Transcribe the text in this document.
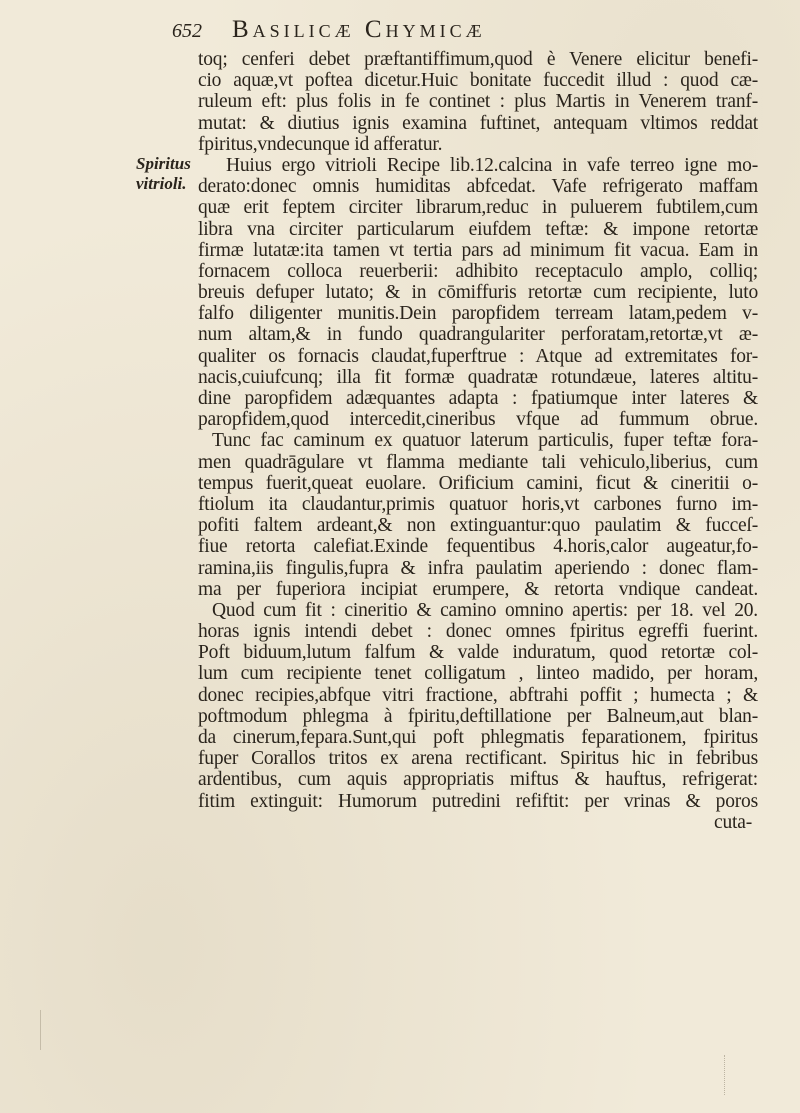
652	Basilicæ Chymicæ
Spiritus
vitrioli.
toq; cenferi debet præftantiffimum,quod è Venere elicitur benefi-
cio aquæ,vt poftea dicetur.Huic bonitate fuccedit illud : quod cæ-
ruleum eft: plus folis in fe continet : plus Martis in Venerem tranf-
mutat: & diutius ignis examina fuftinet, antequam vltimos reddat
fpiritus,vndecunque id afferatur.
Huius ergo vitrioli Recipe lib.12.calcina in vafe terreo igne mo-
derato:donec omnis humiditas abfcedat. Vafe refrigerato maffam
quæ erit feptem circiter librarum,reduc in puluerem fubtilem,cum
libra vna circiter particularum eiufdem teftæ: & impone retortæ
firmæ lutatæ:ita tamen vt tertia pars ad minimum fit vacua. Eam in
fornacem colloca reuerberii: adhibito receptaculo amplo, colliq;
breuis defuper lutato; & in cōmiffuris retortæ cum recipiente, luto
falfo diligenter munitis.Dein paropfidem terream latam,pedem v-
num altam,& in fundo quadrangulariter perforatam,retortæ,vt æ-
qualiter os fornacis claudat,fuperftrue : Atque ad extremitates for-
nacis,cuiufcunq; illa fit formæ quadratæ rotundæue, lateres altitu-
dine paropfidem adæquantes adapta : fpatiumque inter lateres &
paropfidem,quod intercedit,cineribus vfque ad fummum obrue.
Tunc fac caminum ex quatuor laterum particulis, fuper teftæ fora-
men quadrāgulare vt flamma mediante tali vehiculo,liberius, cum
tempus fuerit,queat euolare. Orificium camini, ficut & cineritii o-
ftiolum ita claudantur,primis quatuor horis,vt carbones furno im-
pofiti faltem ardeant,& non extinguantur:quo paulatim & fucceſ-
fiue retorta calefiat.Exinde fequentibus 4.horis,calor augeatur,fo-
ramina,iis fingulis,fupra & infra paulatim aperiendo : donec flam-
ma per fuperiora incipiat erumpere, & retorta vndique candeat.
Quod cum fit : cineritio & camino omnino apertis: per 18. vel 20.
horas ignis intendi debet : donec omnes fpiritus egreffi fuerint.
Poft biduum,lutum falfum & valde induratum, quod retortæ col-
lum cum recipiente tenet colligatum , linteo madido, per horam,
donec recipies,abfque vitri fractione, abftrahi poffit ; humecta ; &
poftmodum phlegma à fpiritu,deftillatione per Balneum,aut blan-
da cinerum,fepara.Sunt,qui poft phlegmatis feparationem, fpiritus
fuper Corallos tritos ex arena rectificant. Spiritus hic in febribus
ardentibus, cum aquis appropriatis miftus & hauftus, refrigerat:
fitim extinguit: Humorum putredini refiftit: per vrinas & poros
cuta-
